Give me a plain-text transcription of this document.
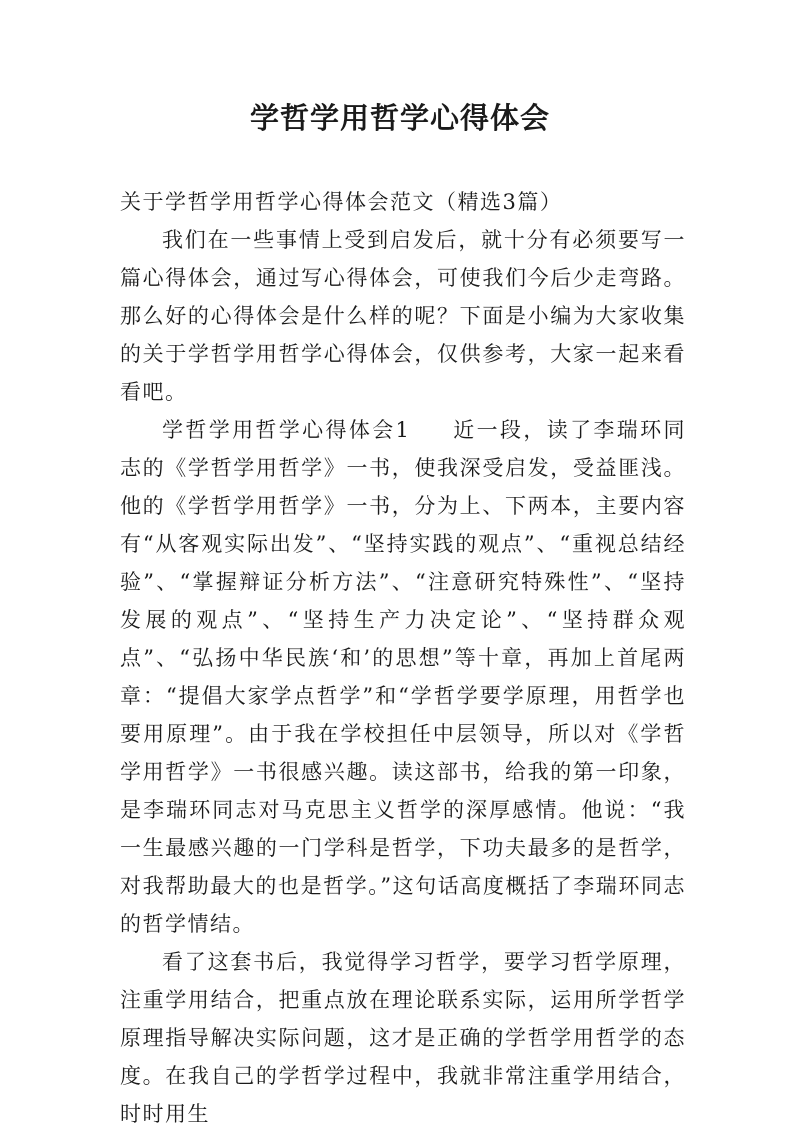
学哲学用哲学心得体会

关于学哲学用哲学心得体会范文（精选3篇）

我们在一些事情上受到启发后，就十分有必须要写一篇心得体会，通过写心得体会，可使我们今后少走弯路。那么好的心得体会是什么样的呢？下面是小编为大家收集的关于学哲学用哲学心得体会，仅供参考，大家一起来看看吧。

学哲学用哲学心得体会1 近一段，读了李瑞环同志的《学哲学用哲学》一书，使我深受启发，受益匪浅。他的《学哲学用哲学》一书，分为上、下两本，主要内容有“从客观实际出发”、“坚持实践的观点”、“重视总结经验”、“掌握辩证分析方法”、“注意研究特殊性”、“坚持发展的观点”、“坚持生产力决定论”、“坚持群众观点”、“弘扬中华民族‘和’的思想”等十章，再加上首尾两章：“提倡大家学点哲学”和“学哲学要学原理，用哲学也要用原理”。由于我在学校担任中层领导，所以对《学哲学用哲学》一书很感兴趣。读这部书，给我的第一印象，是李瑞环同志对马克思主义哲学的深厚感情。他说：“我一生最感兴趣的一门学科是哲学，下功夫最多的是哲学，对我帮助最大的也是哲学。”这句话高度概括了李瑞环同志的哲学情结。

看了这套书后，我觉得学习哲学，要学习哲学原理，注重学用结合，把重点放在理论联系实际，运用所学哲学原理指导解决实际问题，这才是正确的学哲学用哲学的态度。在我自己的学哲学过程中，我就非常注重学用结合，时时用生
